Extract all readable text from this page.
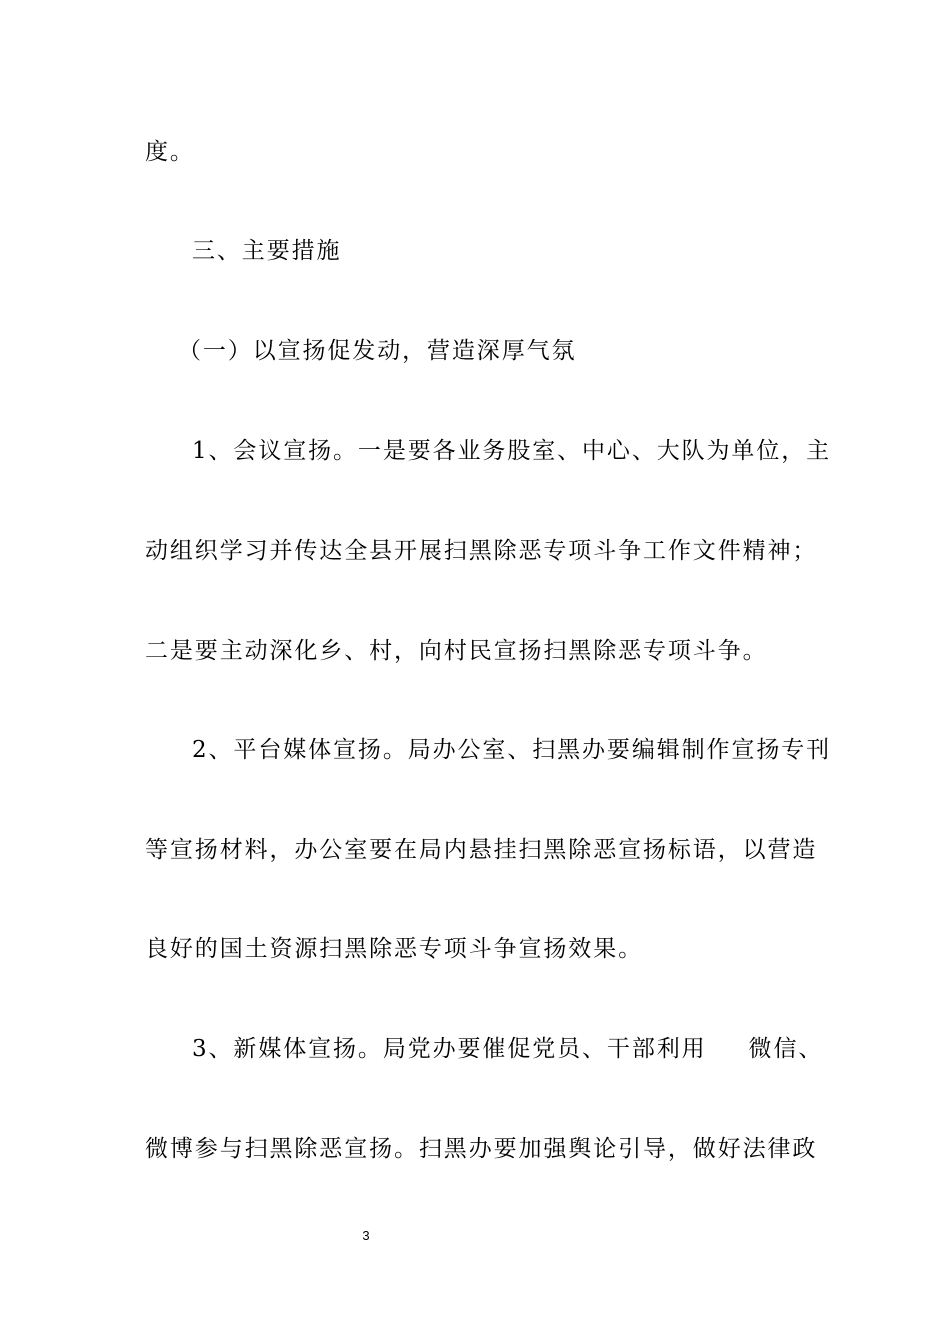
度。
三、主要措施
（一）以宣扬促发动，营造深厚气氛
1、会议宣扬。一是要各业务股室、中心、大队为单位，主
动组织学习并传达全县开展扫黑除恶专项斗争工作文件精神；
二是要主动深化乡、村，向村民宣扬扫黑除恶专项斗争。
2、平台媒体宣扬。局办公室、扫黑办要编辑制作宣扬专刊
等宣扬材料，办公室要在局内悬挂扫黑除恶宣扬标语，以营造
良好的国土资源扫黑除恶专项斗争宣扬效果。
3、新媒体宣扬。局党办要催促党员、干部利用 微信、
微博参与扫黑除恶宣扬。扫黑办要加强舆论引导，做好法律政
3
